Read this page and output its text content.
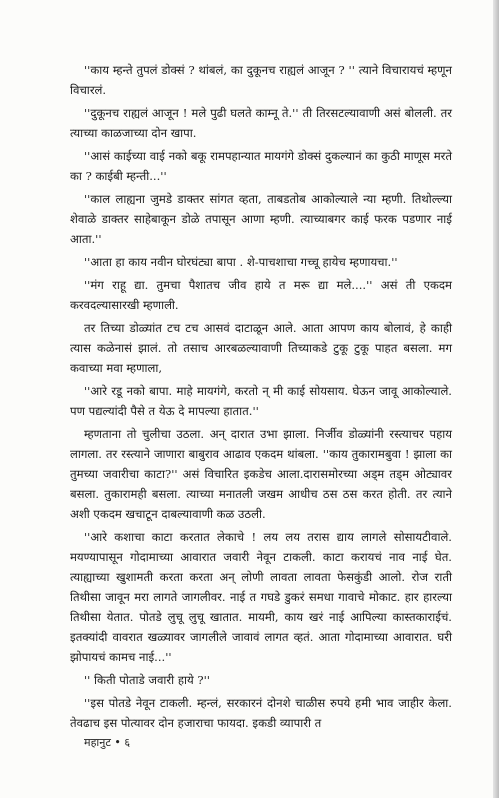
''काय म्हन्ते तुपलं डोक्सं ? थांबलं, का दुकूनच राह्यलं आजून ? '' त्याने विचारायचं म्हणून विचारलं.

''दुकूनच राह्यलं आजून ! मले पुढी घलते काम्नू ते.'' ती तिरसटल्यावाणी असं बोलली. तर त्याच्या काळजाच्या दोन खापा.

''आसं काईच्या वाई नको बकू रामपहान्यात मायगंगे डोक्सं दुकल्यानं का कुठी माणूस मरते का ? काईबी म्हन्ती...''

''काल लाह्यना जुमडे डाक्तर सांगत व्हता, ताबडतोब आकोल्याले न्या म्हणी. तिथोल्ल्या शेवाळे डाक्तर साहेबाकून डोळे तपासून आणा म्हणी. त्याच्याबगर काई फरक पडणार नाई आता.''

''आता हा काय नवीन घोरघंट्या बापा . शे-पाचशाचा गच्चू हायेच म्हणायचा.''

''मंग राहू द्या. तुमचा पैशातच जीव हाये त मरू द्या मले....'' असं ती एकदम करवदल्यासारखी म्हणाली.

तर तिच्या डोळ्यांत टच टच आसवं दाटाळून आले. आता आपण काय बोलावं, हे काही त्यास कळेनासं झालं. तो तसाच आरबळल्यावाणी तिच्याकडे टुकू टुकू पाहत बसला. मग कवाच्या मवा म्हणाला,

''आरे रडू नको बापा. माहे मायगंगे, करतो न् मी काई सोयसाय. घेऊन जावू आकोल्याले. पण पद्यल्यांदी पैसे त येऊ दे मापल्या हातात.''

म्हणताना तो चुलीचा उठला. अन् दारात उभा झाला. निर्जीव डोळ्यांनी रस्त्याचर पहाय लागला. तर रस्त्याने जाणारा बाबुराव आढाव एकदम थांबला. ''काय तुकारामबुवा ! झाला का तुमच्या जवारीचा काटा?'' असं विचारित इकडेच आला.दारासमोरच्या अड्म तड्म ओट्यावर बसला. तुकारामही बसला. त्याच्या मनातली जखम आधीच ठस ठस करत होती. तर त्याने अशी एकदम खचाटून दाबल्यावाणी कळ उठली.

''आरे कशाचा काटा करतात लेकाचे ! लय लय तरास द्याय लागले सोसायटीवाले. मयण्यापासून गोदामाच्या आवारात जवारी नेवून टाकली. काटा करायचं नाव नाई घेत. त्याह्याच्या खुशामती करता करता अन् लोणी लावता लावता फेसकुंडी आलो. रोज राती तिथीसा जावून मरा लागते जागलीवर. नाई त गघडे डुकरं समधा गावाचे मोकाट. हार हारल्या तिथीसा येतात. पोतडे लुचू लुचू खातात. मायमी, काय खरं नाई आपिल्या कास्तकाराईचं. इतक्यांदी वावरात खळ्यावर जागलीले जावावं लागत व्हतं. आता गोदामाच्या आवारात. घरी झोपायचं कामच नाई...''

'' किती पोताडे जवारी हाये ?''

''इस पोतडे नेवून टाकली. म्हन्लं, सरकारनं दोनशे चाळीस रुपये हमी भाव जाहीर केला. तेवढाच इस पोत्यावर दोन हजाराचा फायदा. इकडी व्यापारी त

महानुट • ६
